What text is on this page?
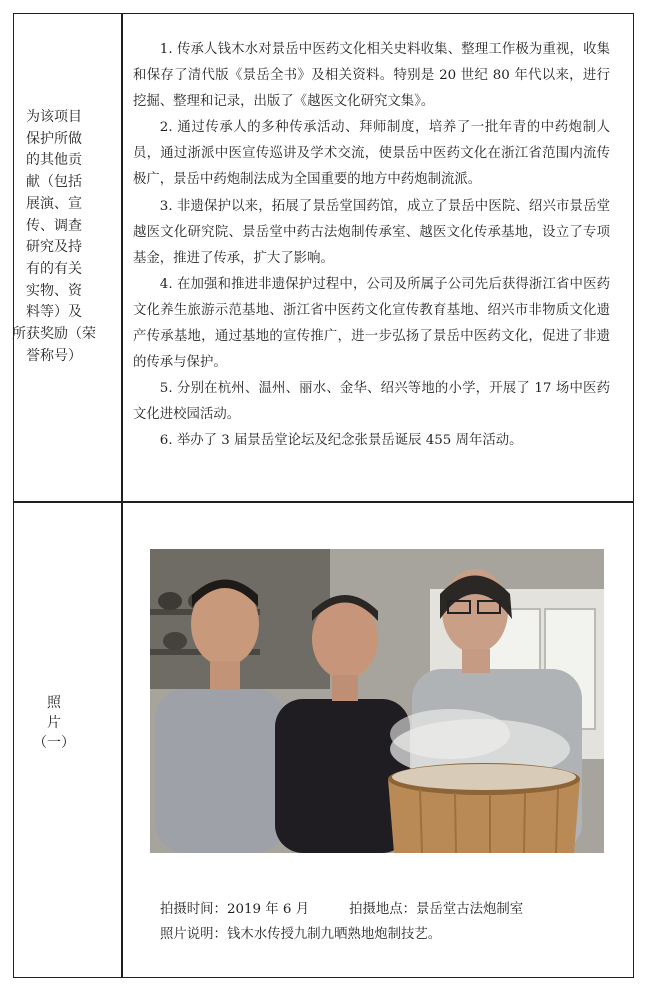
为该项目
保护所做
的其他贡
献（包括
展演、宣
传、调查
研究及持
有的有关
实物、资
料等）及
所获奖励（荣
誉称号）

1. 传承人钱木水对景岳中医药文化相关史料收集、整理工作极为重视，收集和保存了清代版《景岳全书》及相关资料。特别是 20 世纪 80 年代以来，进行挖掘、整理和记录，出版了《越医文化研究文集》。

2. 通过传承人的多种传承活动、拜师制度，培养了一批年青的中药炮制人员，通过浙派中医宣传巡讲及学术交流，使景岳中医药文化在浙江省范围内流传极广，景岳中药炮制法成为全国重要的地方中药炮制流派。

3. 非遗保护以来，拓展了景岳堂国药馆，成立了景岳中医院、绍兴市景岳堂越医文化研究院、景岳堂中药古法炮制传承室、越医文化传承基地，设立了专项基金，推进了传承，扩大了影响。

4. 在加强和推进非遗保护过程中，公司及所属子公司先后获得浙江省中医药文化养生旅游示范基地、浙江省中医药文化宣传教育基地、绍兴市非物质文化遗产传承基地，通过基地的宣传推广，进一步弘扬了景岳中医药文化，促进了非遗的传承与保护。

5. 分别在杭州、温州、丽水、金华、绍兴等地的小学，开展了 17 场中医药文化进校园活动。

6. 举办了 3 届景岳堂论坛及纪念张景岳诞辰 455 周年活动。

照
片
（一）
拍摄时间：2019 年 6 月	拍摄地点：景岳堂古法炮制室
照片说明：钱木水传授九制九晒熟地炮制技艺。
